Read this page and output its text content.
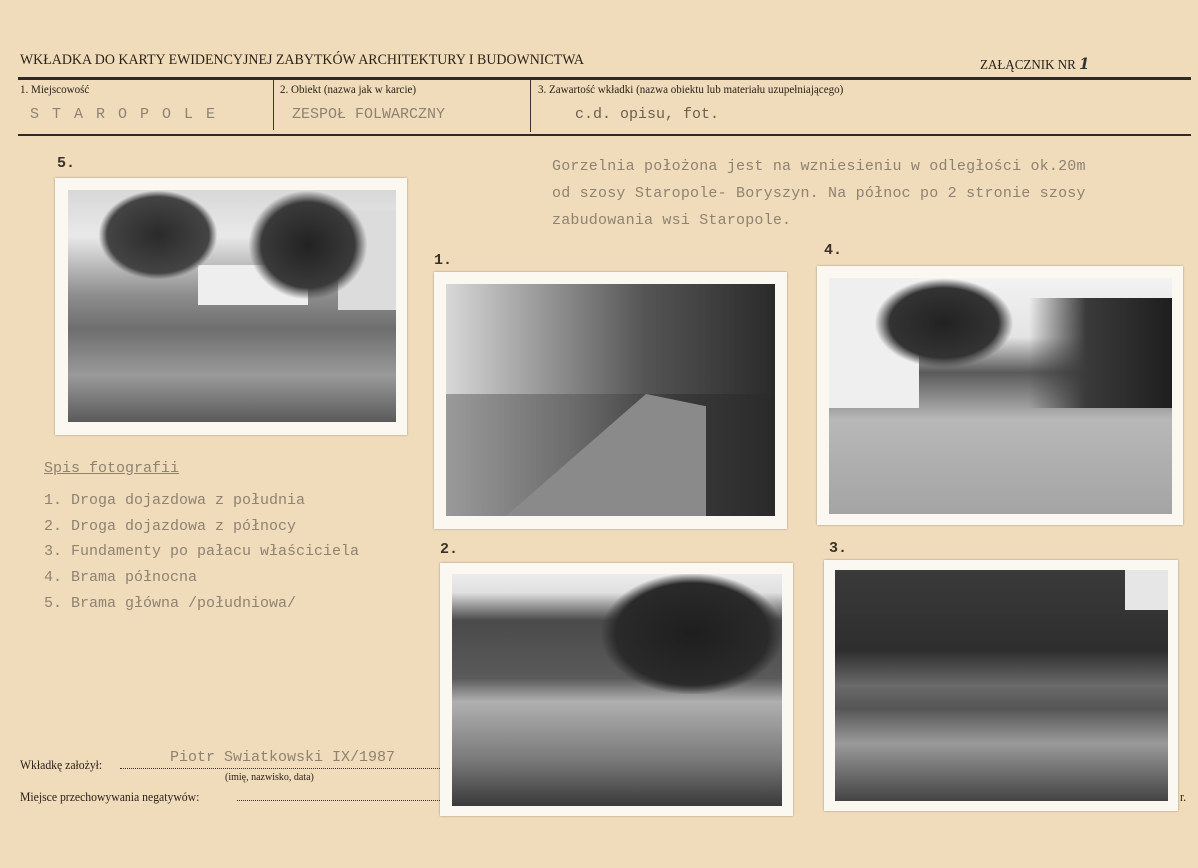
WKŁADKA DO KARTY EWIDENCYJNEJ ZABYTKÓW ARCHITEKTURY I BUDOWNICTWA	ZAŁĄCZNIK NR 1
1. Miejscowość
S T A R O P O L E
2. Obiekt (nazwa jak w karcie)
ZESPOŁ FOLWARCZNY
3. Zawartość wkładki (nazwa obiektu lub materiału uzupełniającego)
c.d. opisu, fot.
Gorzelnia położona jest na wzniesieniu w odległości ok.20m
od szosy Staropole- Boryszyn. Na północ po 2 stronie szosy
zabudowania wsi Staropole.
5.
1.
4.
2.	3.
Spis fotografii
1. Droga dojazdowa z południa
2. Droga dojazdowa z północy
3. Fundamenty po pałacu właściciela
4. Brama północna
5. Brama główna /południowa/
Wkładkę założył:	Piotr Swiatkowski IX/1987
(imię, nazwisko, data)
Miejsce przechowywania negatywów:	r.
